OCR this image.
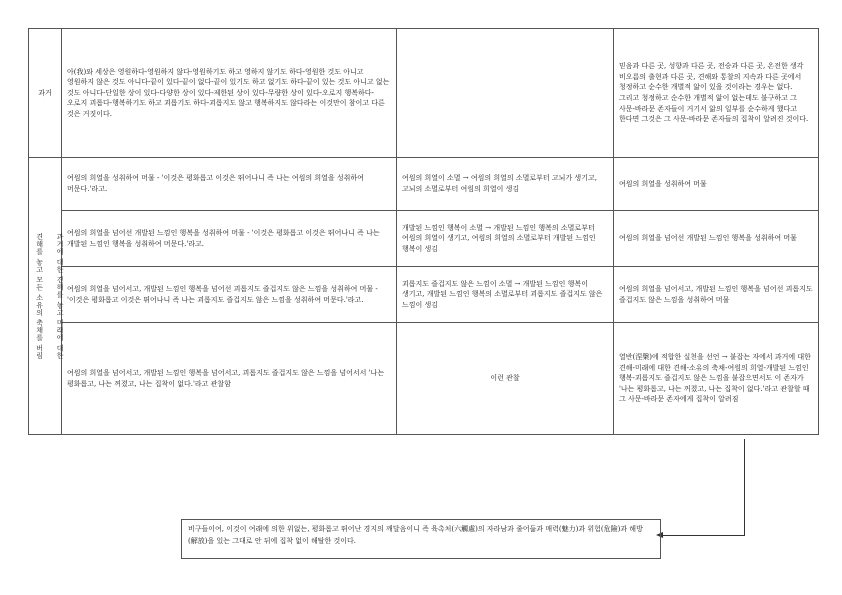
과거	아(我)와 세상은 영원하다-영원하지 않다-영원하기도 하고 영하지 않기도 하다-영원한 것도 아니고 영원하지 않은 것도 아니다-끝이 있다-끝이 없다-끝이 있기도 하고 없기도 하다-끝이 있는 것도 아니고 없는 것도 아니다-단일한 상이 있다-다양한 상이 있다-제한된 상이 있다-무량한 상이 있다-오로지 행복하다-오로지 괴롭다-행복하기도 하고 괴롭기도 하다-괴롭지도 않고 행복하지도 않다라는 이것만이 참이고 다른 것은 거짓이다.		믿음과 다른 곳, 성향과 다른 곳, 전승과 다른 곳, 온전한 생각 비오름의 출현과 다른 곳, 견해와 통찰의 지속과 다른 곳에서 청정하고 순수한 개별적 앎이 있을 것이라는 경우는 없다. 그리고 청정하고 순수한 개별적 앎이 없는데도 불구하고 그 사문-바라문 존자들이 거기서 앎의 일부를 순수하게 했다고 한다면 그것은 그 사문-바라문 존자들의 집착이 알려진 것이다.

견해를 놓고 모든 소유의 축채를 버림	과거에 대한 견해를 놓고 미래에 대한
	여읨의 희열을 성취하여 머물 - '이것은 평화롭고 이것은 뛰어나니 즉 나는 여읨의 희열을 성취하여 머문다.'라고.	여읨의 희열이 소멸 → 여읨의 희열의 소멸로부터 고뇌가 생기고, 고뇌의 소멸로부터 여읨의 희열이 생김	여읨의 희열을 성취하여 머물
여읨의 희열을 넘어선 개발된 느낌인 행복을 성취하여 머물 - '이것은 평화롭고 이것은 뛰어나니 즉 나는 개발된 느낌인 행복을 성취하여 머문다.'라고.	개발된 느낌인 행복이 소멸 → 개발된 느낌인 행복의 소멸로부터 여읨의 희열이 생기고, 여읨의 희열의 소멸로부터 개발된 느낌인 행복이 생김	여읨의 희열을 넘어선 개발된 느낌인 행복을 성취하여 머물
여읨의 희열을 넘어서고, 개발된 느낌인 행복을 넘어선 괴롭지도 즐겁지도 않은 느낌을 성취하여 머물 - '이것은 평화롭고 이것은 뛰어나니 즉 나는 괴롭지도 즐겁지도 않은 느낌을 성취하여 머문다.'라고.	괴롭지도 즐겁지도 않은 느낌이 소멸 → 개발된 느낌인 행복이 생기고, 개발된 느낌인 행복의 소멸로부터 괴롭지도 즐겁지도 않은 느낌이 생김	여읨의 희열을 넘어서고, 개발된 느낌인 행복을 넘어선 괴롭지도 즐겁지도 않은 느낌을 성취하여 머물
여읨의 희열을 넘어서고, 개발된 느낌인 행복을 넘어서고, 괴롭지도 즐겁지도 않은 느낌을 넘어서서 '나는 평화롭고, 나는 꺼졌고, 나는 집착이 없다.'라고 관찰함	이런 관찰	열반(涅槃)에 적합한 실천을 선언 → 붙잡는 자에서 과거에 대한 견해-미래에 대한 견해-소유의 축채-여읨의 희열-개발된 느낌인 행복-괴롭지도 즐겁지도 않은 느낌을 붙잡으면서도 이 존자가 '나는 평화롭고, 나는 꺼졌고, 나는 집착이 없다.'라고 관찰할 때 그 사문-바라문 존자에게 집착이 알려짐
비구들이여, 이것이 여래에 의한 위없는, 평화롭고 뛰어난 경지의 깨달음이니 즉 육촉처(六觸處)의 자라남과 줄어듦과 매력(魅力)과 위험(危險)과 해방(解放)을 있는 그대로 안 뒤에 집착 없이 해탈한 것이다.
